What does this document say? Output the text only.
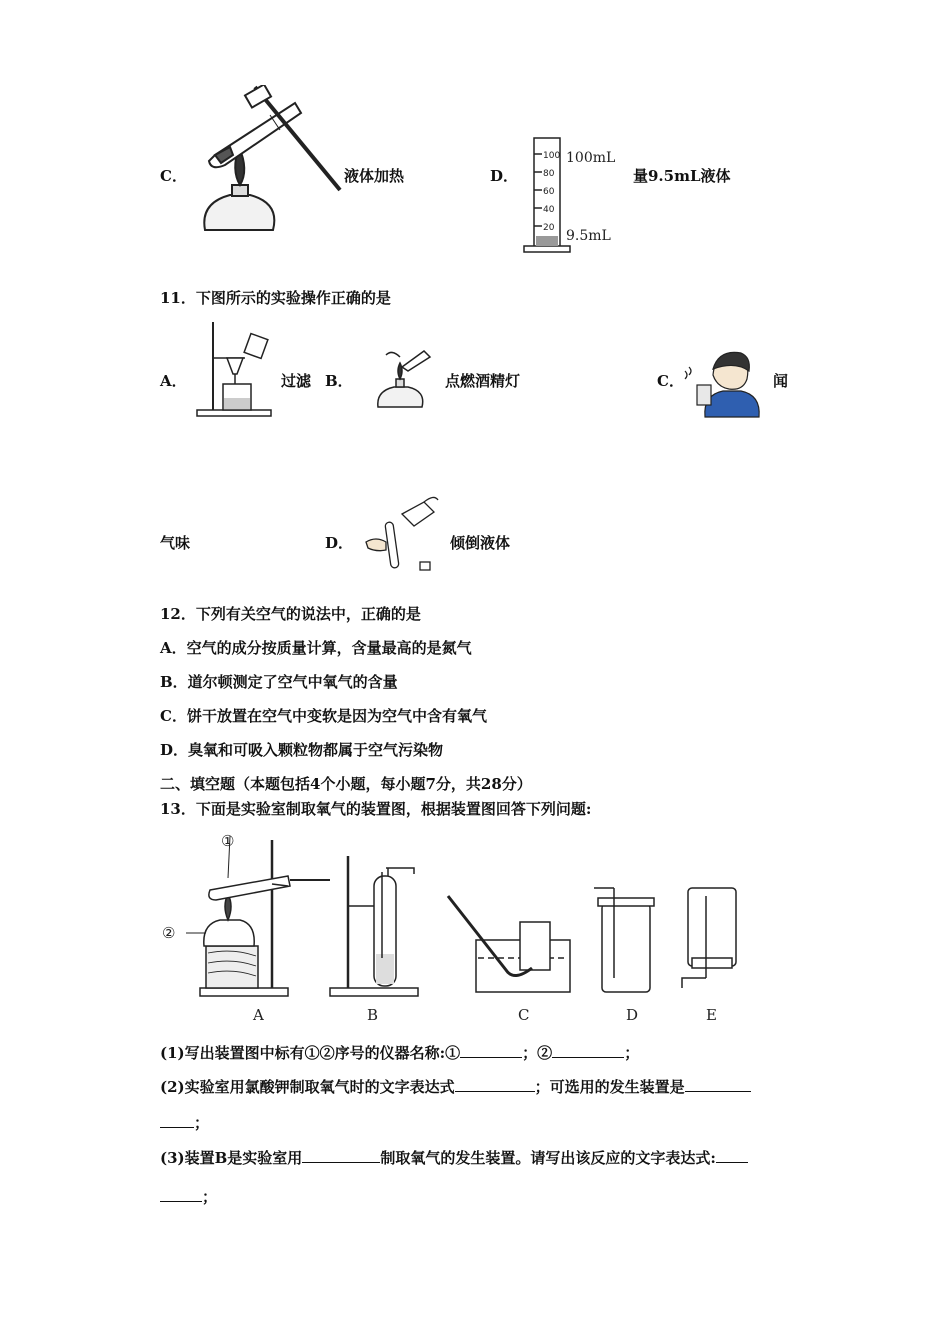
C．	液体加热	D．
100
80
60
40
20
100mL
9.5mL
量9.5mL液体
11．下图所示的实验操作正确的是
A．	过滤 B．	点燃酒精灯	C．	闻
气味	D．	倾倒液体
12．下列有关空气的说法中，正确的是
A．空气的成分按质量计算，含量最高的是氮气
B．道尔顿测定了空气中氧气的含量
C．饼干放置在空气中变软是因为空气中含有氧气
D．臭氧和可吸入颗粒物都属于空气污染物
二、填空题（本题包括4个小题，每小题7分，共28分）
13．下面是实验室制取氧气的装置图，根据装置图回答下列问题:
①
②
A	B	C	D	E
(1)写出装置图中标有①②序号的仪器名称:①	；②	；
(2)实验室用氯酸钾制取氧气时的文字表达式	；可选用的发生装置是
；
(3)装置B是实验室用	制取氧气的发生装置。请写出该反应的文字表达式:
；
